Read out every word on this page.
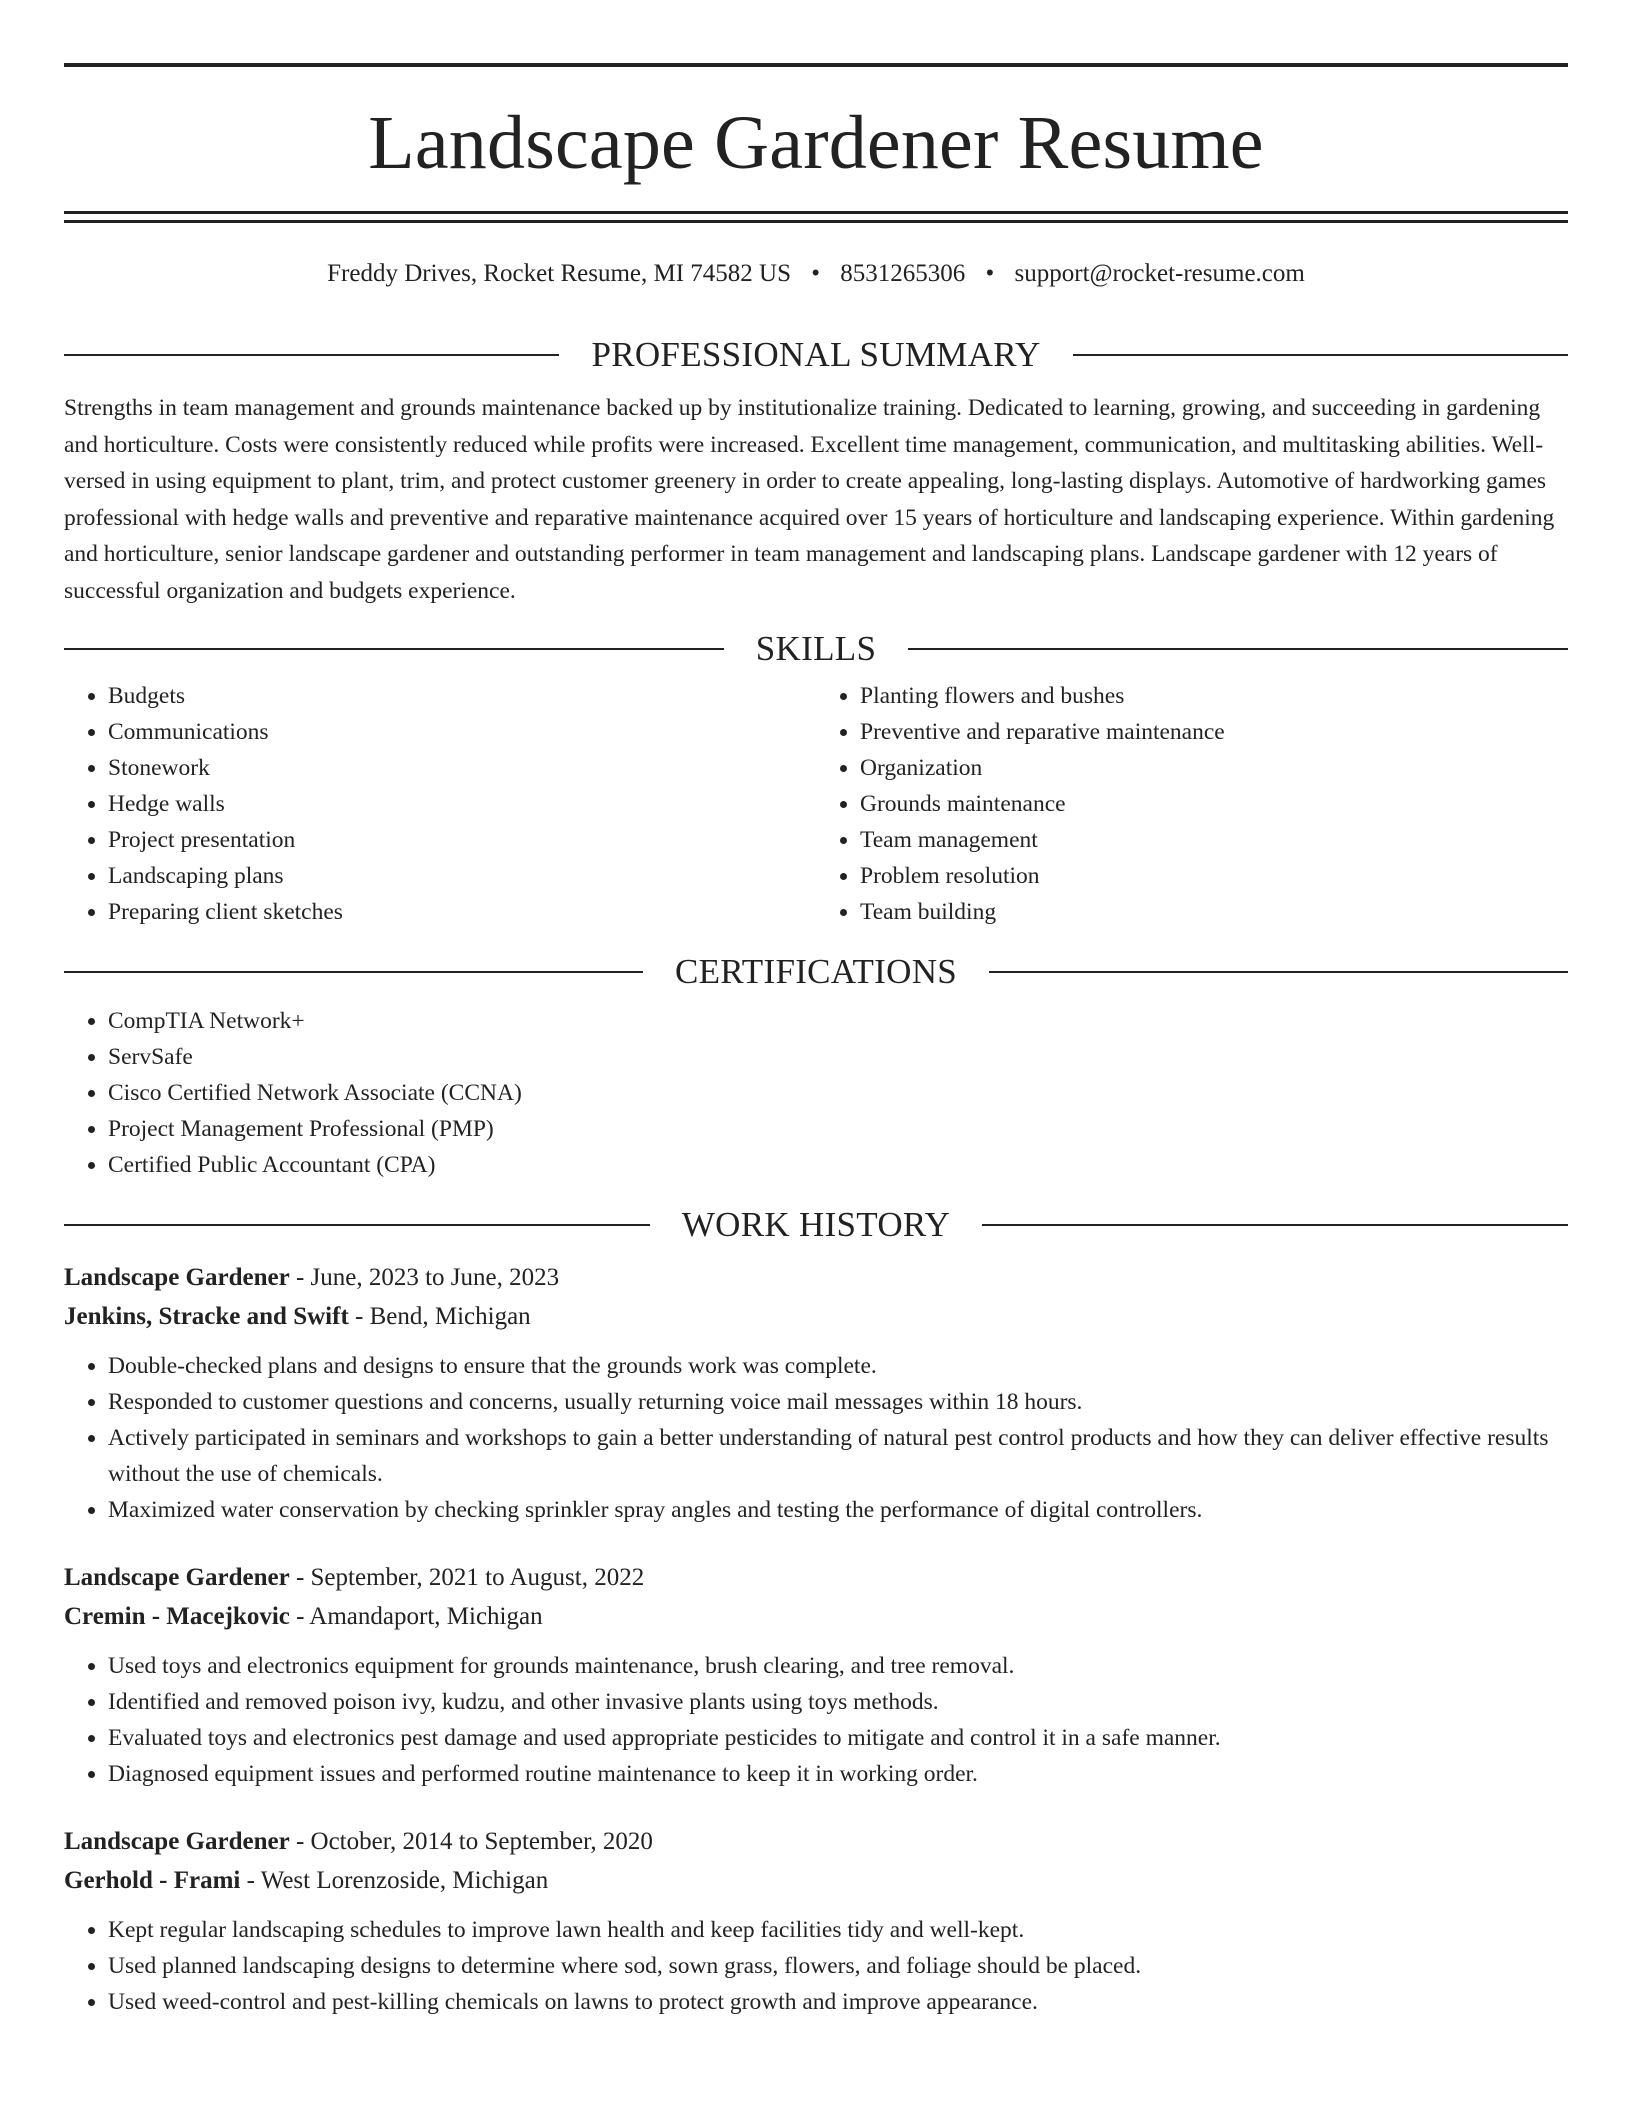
Landscape Gardener Resume
Freddy Drives, Rocket Resume, MI 74582 US • 8531265306 • support@rocket-resume.com
PROFESSIONAL SUMMARY

Strengths in team management and grounds maintenance backed up by institutionalize training. Dedicated to learning, growing, and succeeding in gardening and horticulture. Costs were consistently reduced while profits were increased. Excellent time management, communication, and multitasking abilities. Well-versed in using equipment to plant, trim, and protect customer greenery in order to create appealing, long-lasting displays. Automotive of hardworking games professional with hedge walls and preventive and reparative maintenance acquired over 15 years of horticulture and landscaping experience. Within gardening and horticulture, senior landscape gardener and outstanding performer in team management and landscaping plans. Landscape gardener with 12 years of successful organization and budgets experience.

SKILLS
• Budgets
• Communications
• Stonework
• Hedge walls
• Project presentation
• Landscaping plans
• Preparing client sketches
• Planting flowers and bushes
• Preventive and reparative maintenance
• Organization
• Grounds maintenance
• Team management
• Problem resolution
• Team building
CERTIFICATIONS
• CompTIA Network+
• ServSafe
• Cisco Certified Network Associate (CCNA)
• Project Management Professional (PMP)
• Certified Public Accountant (CPA)
WORK HISTORY
Landscape Gardener - June, 2023 to June, 2023
Jenkins, Stracke and Swift - Bend, Michigan
• Double-checked plans and designs to ensure that the grounds work was complete.
• Responded to customer questions and concerns, usually returning voice mail messages within 18 hours.
• Actively participated in seminars and workshops to gain a better understanding of natural pest control products and how they can deliver effective results without the use of chemicals.
• Maximized water conservation by checking sprinkler spray angles and testing the performance of digital controllers.
Landscape Gardener - September, 2021 to August, 2022
Cremin - Macejkovic - Amandaport, Michigan
• Used toys and electronics equipment for grounds maintenance, brush clearing, and tree removal.
• Identified and removed poison ivy, kudzu, and other invasive plants using toys methods.
• Evaluated toys and electronics pest damage and used appropriate pesticides to mitigate and control it in a safe manner.
• Diagnosed equipment issues and performed routine maintenance to keep it in working order.
Landscape Gardener - October, 2014 to September, 2020
Gerhold - Frami - West Lorenzoside, Michigan
• Kept regular landscaping schedules to improve lawn health and keep facilities tidy and well-kept.
• Used planned landscaping designs to determine where sod, sown grass, flowers, and foliage should be placed.
• Used weed-control and pest-killing chemicals on lawns to protect growth and improve appearance.
